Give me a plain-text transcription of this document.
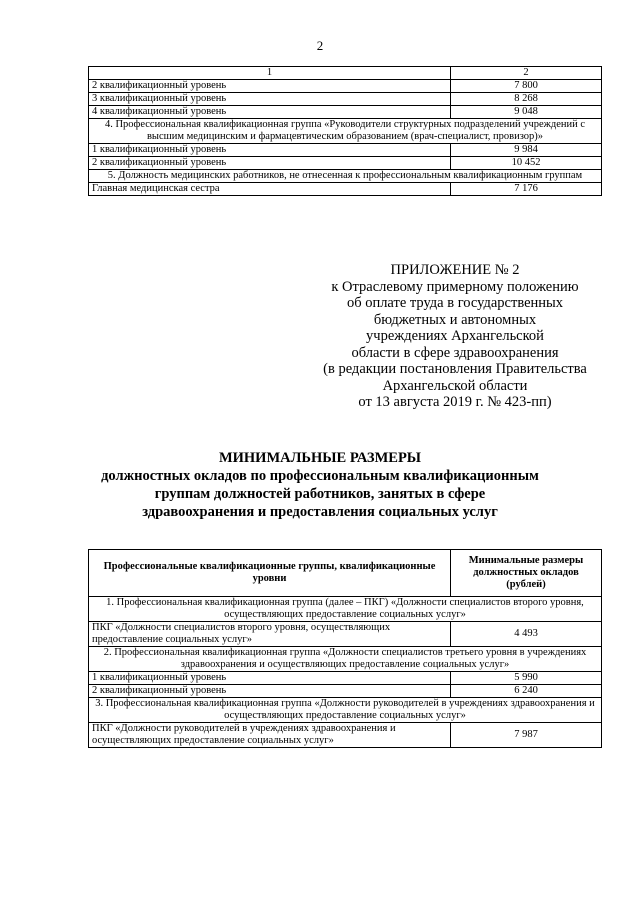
2
1	2
2 квалификационный уровень	7 800
3 квалификационный уровень	8 268
4 квалификационный уровень	9 048
4. Профессиональная квалификационная группа «Руководители структурных подразделений учреждений с высшим медицинским и фармацевтическим образованием (врач-специалист, провизор)»	
1 квалификационный уровень	9 984
2 квалификационный уровень	10 452
5. Должность медицинских работников, не отнесенная к профессиональным квалификационным группам	
Главная медицинская сестра	7 176
ПРИЛОЖЕНИЕ № 2
к Отраслевому примерному положению
об оплате труда в государственных
бюджетных и автономных
учреждениях Архангельской
области в сфере здравоохранения
(в редакции постановления Правительства
Архангельской области
от 13 августа 2019 г. № 423-пп)
МИНИМАЛЬНЫЕ РАЗМЕРЫ
должностных окладов по профессиональным квалификационным
группам должностей работников, занятых в сфере
здравоохранения и предоставления социальных услуг
Профессиональные квалификационные группы, квалификационные уровни	Минимальные размеры должностных окладов (рублей)
1. Профессиональная квалификационная группа (далее – ПКГ) «Должности специалистов второго уровня, осуществляющих предоставление социальных услуг»	
ПКГ «Должности специалистов второго уровня, осуществляющих предоставление социальных услуг»	4 493
2. Профессиональная квалификационная группа «Должности специалистов третьего уровня в учреждениях здравоохранения и осуществляющих предоставление социальных услуг»	
1 квалификационный уровень	5 990
2 квалификационный уровень	6 240
3. Профессиональная квалификационная группа «Должности руководителей в учреждениях здравоохранения и осуществляющих предоставление социальных услуг»	
ПКГ «Должности руководителей в учреждениях здравоохранения и осуществляющих предоставление социальных услуг»	7 987
